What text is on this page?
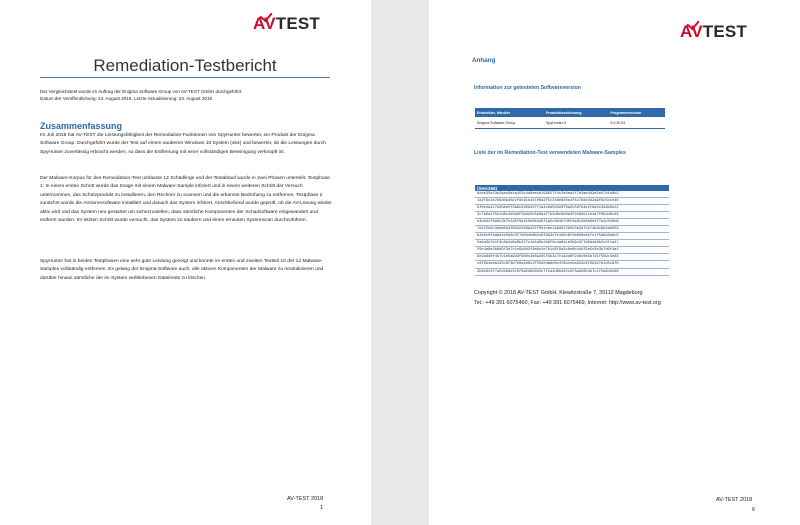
AV
TEST
Remediation-Testbericht
Der Vergleichstest wurde im Auftrag der Enigma Software Group von AV-TEST GmbH durchgeführt.
Datum der Veröffentlichung: 24. August 2018, Letzte Aktualisierung: 24. August 2018
Zusammenfassung

Im Juli 2018 hat AV-TEST die Leistungsfähigkeit der Remediation-Funktionen von SpyHunter bewertet, ein Produkt der Enigma Software Group. Durchgeführt wurde der Test auf einem sauberen Windows 10 System (x64) und bewertet, ob die Leistungen durch SpyHunter zuverlässig erbracht werden, so dass die Entfernung mit einer vollständigen Bereinigung verknüpft ist.

Der Malware-Korpus für den Remediation-Test umfasste 12 Schädlinge und der Testablauf wurde in zwei Phasen unterteilt. Testphase 1: In einem ersten Schritt wurde das Image mit einem Malware-Sample infiziert und in einem weiteren Schritt der Versuch unternommen, das Schutzprodukt zu installieren, den Rechner zu scannen und die erkannte Bedrohung zu entfernen. Testphase 2 zunächst wurde die Antivirensoftware installiert und danach das System infiziert. Anschließend wurde geprüft, ob die AV-Lösung wieder aktiv wird und das System neu gestartet um sicherzustellen, dass sämtliche Komponenten der Schadsoftware eingewandert und entfernt wurden. Im letzten Schritt wurde versucht, das System zu säubern und einen erneuten Systemscan durchzuführen.

SpyHunter hat in beiden Testphasen eine sehr gute Leistung gezeigt und konnte im ersten und zweiten Testteil 10 der 12 Malware-Samples vollständig entfernen. Es gelang der Enigma-Software auch, alle aktiven Komponenten der Malware zu neutralisieren und darüber hinaus sämtliche der im System verbliebenen Dateireste zu löschen.

AV-TEST 2018
1
AV
TEST
Anhang
Information zur getesteten Softwareversion
Entwickler, Händler	Produktbezeichnung	Programmversion
Enigma Software Group	SpyHunter 5	5.0.30.51
Liste der im Remediation-Test verwendeten Malware-Samples
(SHA256)
6cbe35e43e2aac8a4a153c4d8ea4b299627f4c2e6ea1f7e2ae4d3e5e97d1b8b2
1a2f9c3e7b6d0a45e2f8c91b4d7e6a3f5c2b8e9d0a1f4c7b6e3d2a9f8c5b1e40
9f0e4a1c7d2b8e5f3a6c9d0b2e7f1a4c8d5b3e6f9a2c0d7b4e1f8a5c3d6b9e21
3c7a9e2f5b1d8c4e6a0f3b9d2c5e8a1f7b4d0c6e9a3f2b8d5c1e4a7f0b3d6c94
e4b8d2f6a0c3e7b1d5f9a2c6e0b4d8f1a5c9e3b7d0f4a8c2e6b9d3f7a1c5e0b8
7d1f5b9c3e6a0d4f8b2c5e9a3d7f0b4c8e1a6d9f2b5c0e3a7d1f4b8c6e2a9d53
b2e6c0f4a8d1e5b9c3f7a0d4e8b2c6f9a3d7e1b5c8f2a6d0e4b7c1f5a9d3e6c0
5a9d3e7b1f4c8a2d6e0b3f7c1a5d9e2b6f0c4a8d1e5b9c3f7a0d4e8b2c6f1a47
f0c4a8e2b6d9f3a7c1e5b8d2f6a0c4e7b1d5f9a3c6e0b4d8f2a5c9e3b7d0f4a2
8e2a6d0f4b7c1e5a9d3f6b0c4e8a2d5f9b3c7e1a4d8f2b6c0e3a7d1f5b9c4e83
c6f0b4e8a1d5c9f3b7e0a4d8c2f5b9e3a6d0c4f8b1e5a9d2c6f0b3e7a1d5c9f6
2b6e9c3f7a0d4b8e1c5f9a2d6b0e3c7f1a4d8b2e5c9f3a6d0b4e7c1f5a8d2b99
Copyright © 2018 AV-TEST GmbH, Klewitzstraße 7, 39112 Magdeburg
Tel.: +49 391 6075460, Fax: +49 391 6075469, Internet: http://www.av-test.org
AV-TEST 2018
6
